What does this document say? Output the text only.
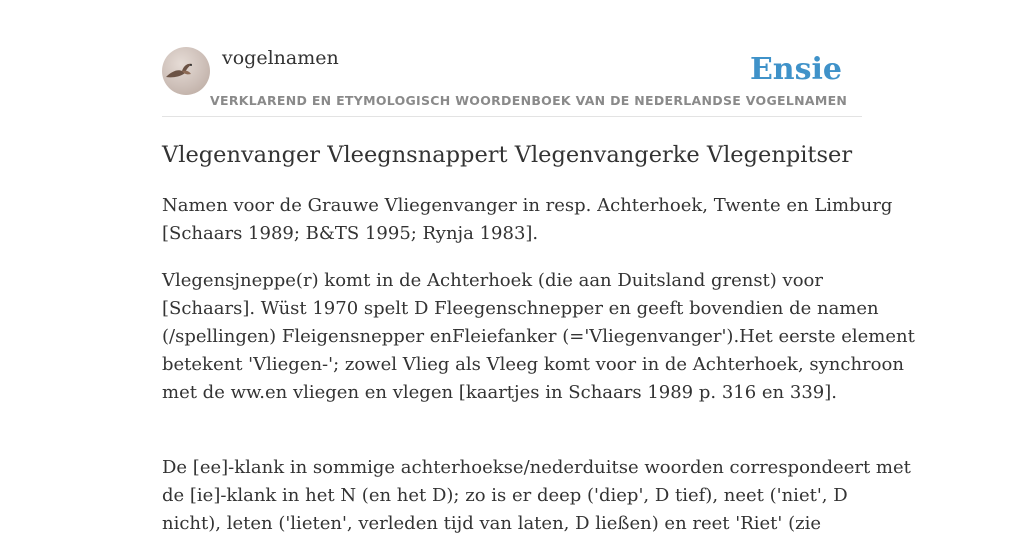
vogelnamen
VERKLAREND EN ETYMOLOGISCH WOORDENBOEK VAN DE NEDERLANDSE VOGELNAMEN
Ensie
Vlegenvanger Vleegnsnappert Vlegenvangerke Vlegenpitser

Namen voor de Grauwe Vliegenvanger in resp. Achterhoek, Twente en Limburg
[Schaars 1989; B&TS 1995; Rynja 1983].

Vlegensjneppe(r) komt in de Achterhoek (die aan Duitsland grenst) voor
[Schaars]. Wüst 1970 spelt D Fleegenschnepper en geeft bovendien de namen
(/spellingen) Fleigensnepper enFleiefanker (='Vliegenvanger').Het eerste element
betekent 'Vliegen-'; zowel Vlieg als Vleeg komt voor in de Achterhoek, synchroon
met de ww.en vliegen en vlegen [kaartjes in Schaars 1989 p. 316 en 339].

De [ee]-klank in sommige achterhoekse/nederduitse woorden correspondeert met
de [ie]-klank in het N (en het D); zo is er deep ('diep', D tief), neet ('niet', D
nicht), leten ('lieten', verleden tijd van laten, D ließen) en reet 'Riet' (zie
